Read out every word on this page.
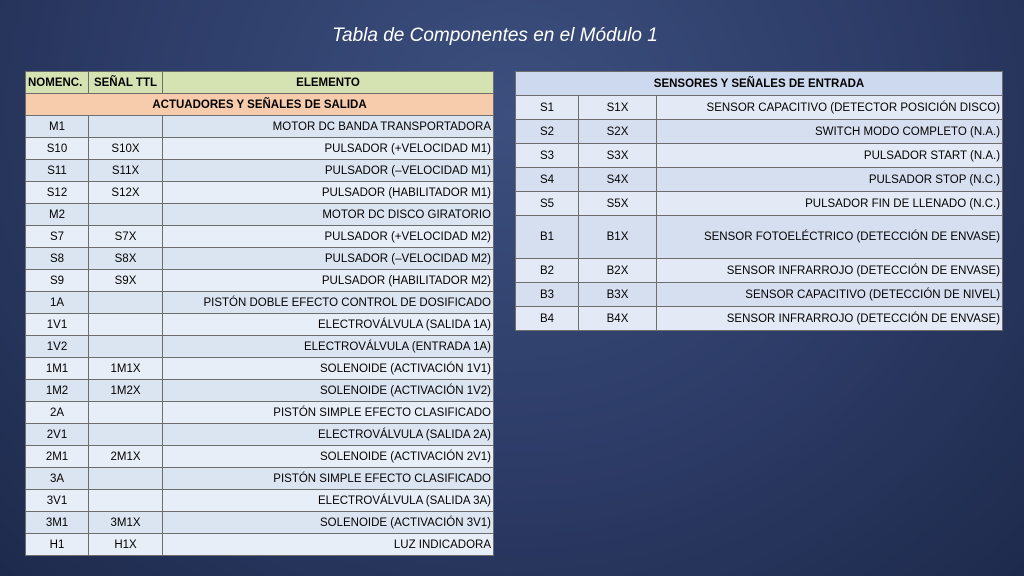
Tabla de Componentes en el Módulo 1
NOMENC.	SEÑAL TTL	ELEMENTO
ACTUADORES Y SEÑALES DE SALIDA		
M1		MOTOR DC BANDA TRANSPORTADORA
S10	S10X	PULSADOR (+VELOCIDAD M1)
S11	S11X	PULSADOR (–VELOCIDAD M1)
S12	S12X	PULSADOR (HABILITADOR M1)
M2		MOTOR DC DISCO GIRATORIO
S7	S7X	PULSADOR (+VELOCIDAD M2)
S8	S8X	PULSADOR (–VELOCIDAD M2)
S9	S9X	PULSADOR (HABILITADOR M2)
1A		PISTÓN DOBLE EFECTO CONTROL DE DOSIFICADO
1V1		ELECTROVÁLVULA (SALIDA 1A)
1V2		ELECTROVÁLVULA (ENTRADA 1A)
1M1	1M1X	SOLENOIDE (ACTIVACIÓN 1V1)
1M2	1M2X	SOLENOIDE (ACTIVACIÓN 1V2)
2A		PISTÓN SIMPLE EFECTO CLASIFICADO
2V1		ELECTROVÁLVULA (SALIDA 2A)
2M1	2M1X	SOLENOIDE (ACTIVACIÓN 2V1)
3A		PISTÓN SIMPLE EFECTO CLASIFICADO
3V1		ELECTROVÁLVULA (SALIDA 3A)
3M1	3M1X	SOLENOIDE (ACTIVACIÓN 3V1)
H1	H1X	LUZ INDICADORA
SENSORES Y SEÑALES DE ENTRADA		
S1	S1X	SENSOR CAPACITIVO (DETECTOR POSICIÓN DISCO)
S2	S2X	SWITCH MODO COMPLETO (N.A.)
S3	S3X	PULSADOR START (N.A.)
S4	S4X	PULSADOR STOP (N.C.)
S5	S5X	PULSADOR FIN DE LLENADO (N.C.)
B1	B1X	SENSOR FOTOELÉCTRICO (DETECCIÓN DE ENVASE)
B2	B2X	SENSOR INFRARROJO (DETECCIÓN DE ENVASE)
B3	B3X	SENSOR CAPACITIVO (DETECCIÓN DE NIVEL)
B4	B4X	SENSOR INFRARROJO (DETECCIÓN DE ENVASE)
